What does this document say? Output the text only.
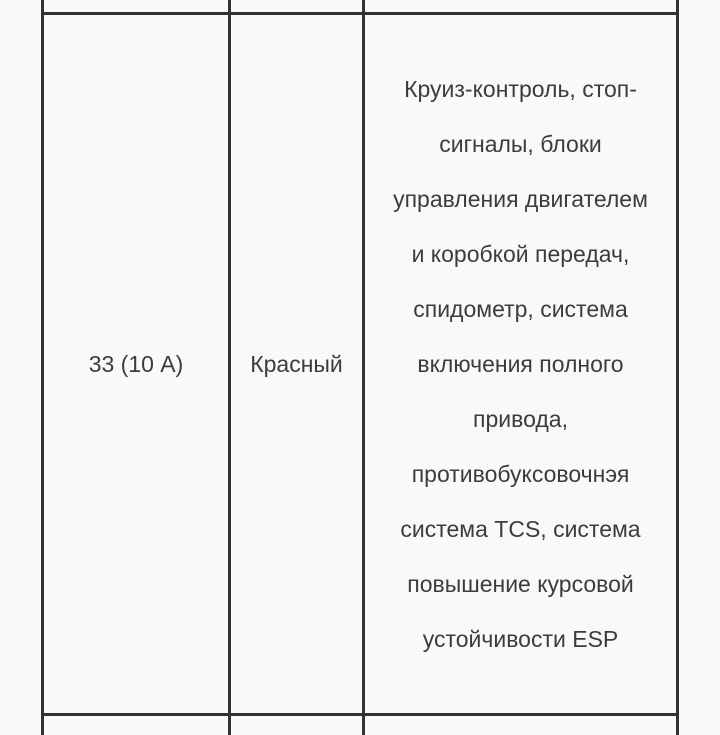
33 (10 А)	Красный
Круиз-контроль, стоп-
сигналы, блоки
управления двигателем
и коробкой передач,
спидометр, система
включения полного
привода,
противобуксовочнэя
система TCS, система
повышение курсовой
устойчивости ESP
